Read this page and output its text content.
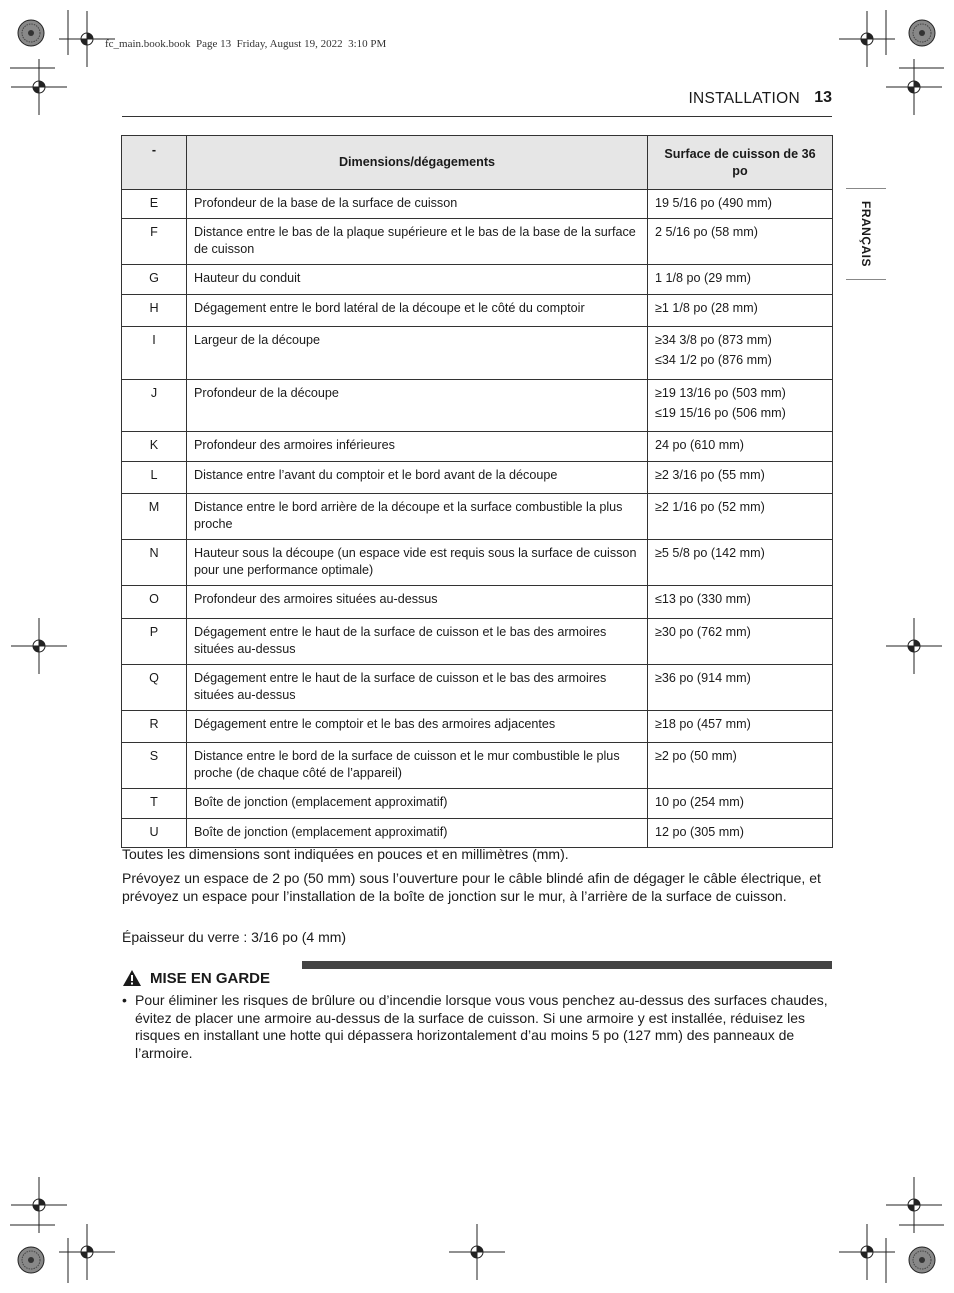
fc_main.book.book  Page 13  Friday, August 19, 2022  3:10 PM
INSTALLATION 13
FRANÇAIS
-	Dimensions/dégagements	Surface de cuisson de 36 po
E	Profondeur de la base de la surface de cuisson	19 5/16 po (490 mm)

F	Distance entre le bas de la plaque supérieure et le bas de la base de la surface de cuisson	2 5/16 po (58 mm)

G	Hauteur du conduit	1 1/8 po (29 mm)

H	Dégagement entre le bord latéral de la découpe et le côté du comptoir	≥1 1/8 po (28 mm)

I	Largeur de la découpe	≥34 3/8 po (873 mm)
≤34 1/2 po (876 mm)

J	Profondeur de la découpe	≥19 13/16 po (503 mm)
≤19 15/16 po (506 mm)

K	Profondeur des armoires inférieures	24 po (610 mm)

L	Distance entre l’avant du comptoir et le bord avant de la découpe	≥2 3/16 po (55 mm)

M	Distance entre le bord arrière de la découpe et la surface combustible la plus proche	≥2 1/16 po (52 mm)

N	Hauteur sous la découpe (un espace vide est requis sous la surface de cuisson pour une performance optimale)	≥5 5/8 po (142 mm)

O	Profondeur des armoires situées au-dessus	≤13 po (330 mm)

P	Dégagement entre le haut de la surface de cuisson et le bas des armoires situées au-dessus	≥30 po (762 mm)

Q	Dégagement entre le haut de la surface de cuisson et le bas des armoires situées au-dessus	≥36 po (914 mm)

R	Dégagement entre le comptoir et le bas des armoires adjacentes	≥18 po (457 mm)

S	Distance entre le bord de la surface de cuisson et le mur combustible le plus proche (de chaque côté de l’appareil)	≥2 po (50 mm)

T	Boîte de jonction (emplacement approximatif)	10 po (254 mm)

U	Boîte de jonction (emplacement approximatif)	12 po (305 mm)
Toutes les dimensions sont indiquées en pouces et en millimètres (mm).
Prévoyez un espace de 2 po (50 mm) sous l’ouverture pour le câble blindé afin de dégager le câble électrique, et prévoyez un espace pour l’installation de la boîte de jonction sur le mur, à l’arrière de la surface de cuisson.
Épaisseur du verre : 3/16 po (4 mm)
MISE EN GARDE
• Pour éliminer les risques de brûlure ou d’incendie lorsque vous vous penchez au-dessus des surfaces chaudes, évitez de placer une armoire au-dessus de la surface de cuisson. Si une armoire y est installée, réduisez les risques en installant une hotte qui dépassera horizontalement d’au moins 5 po (127 mm) des panneaux de l’armoire.
